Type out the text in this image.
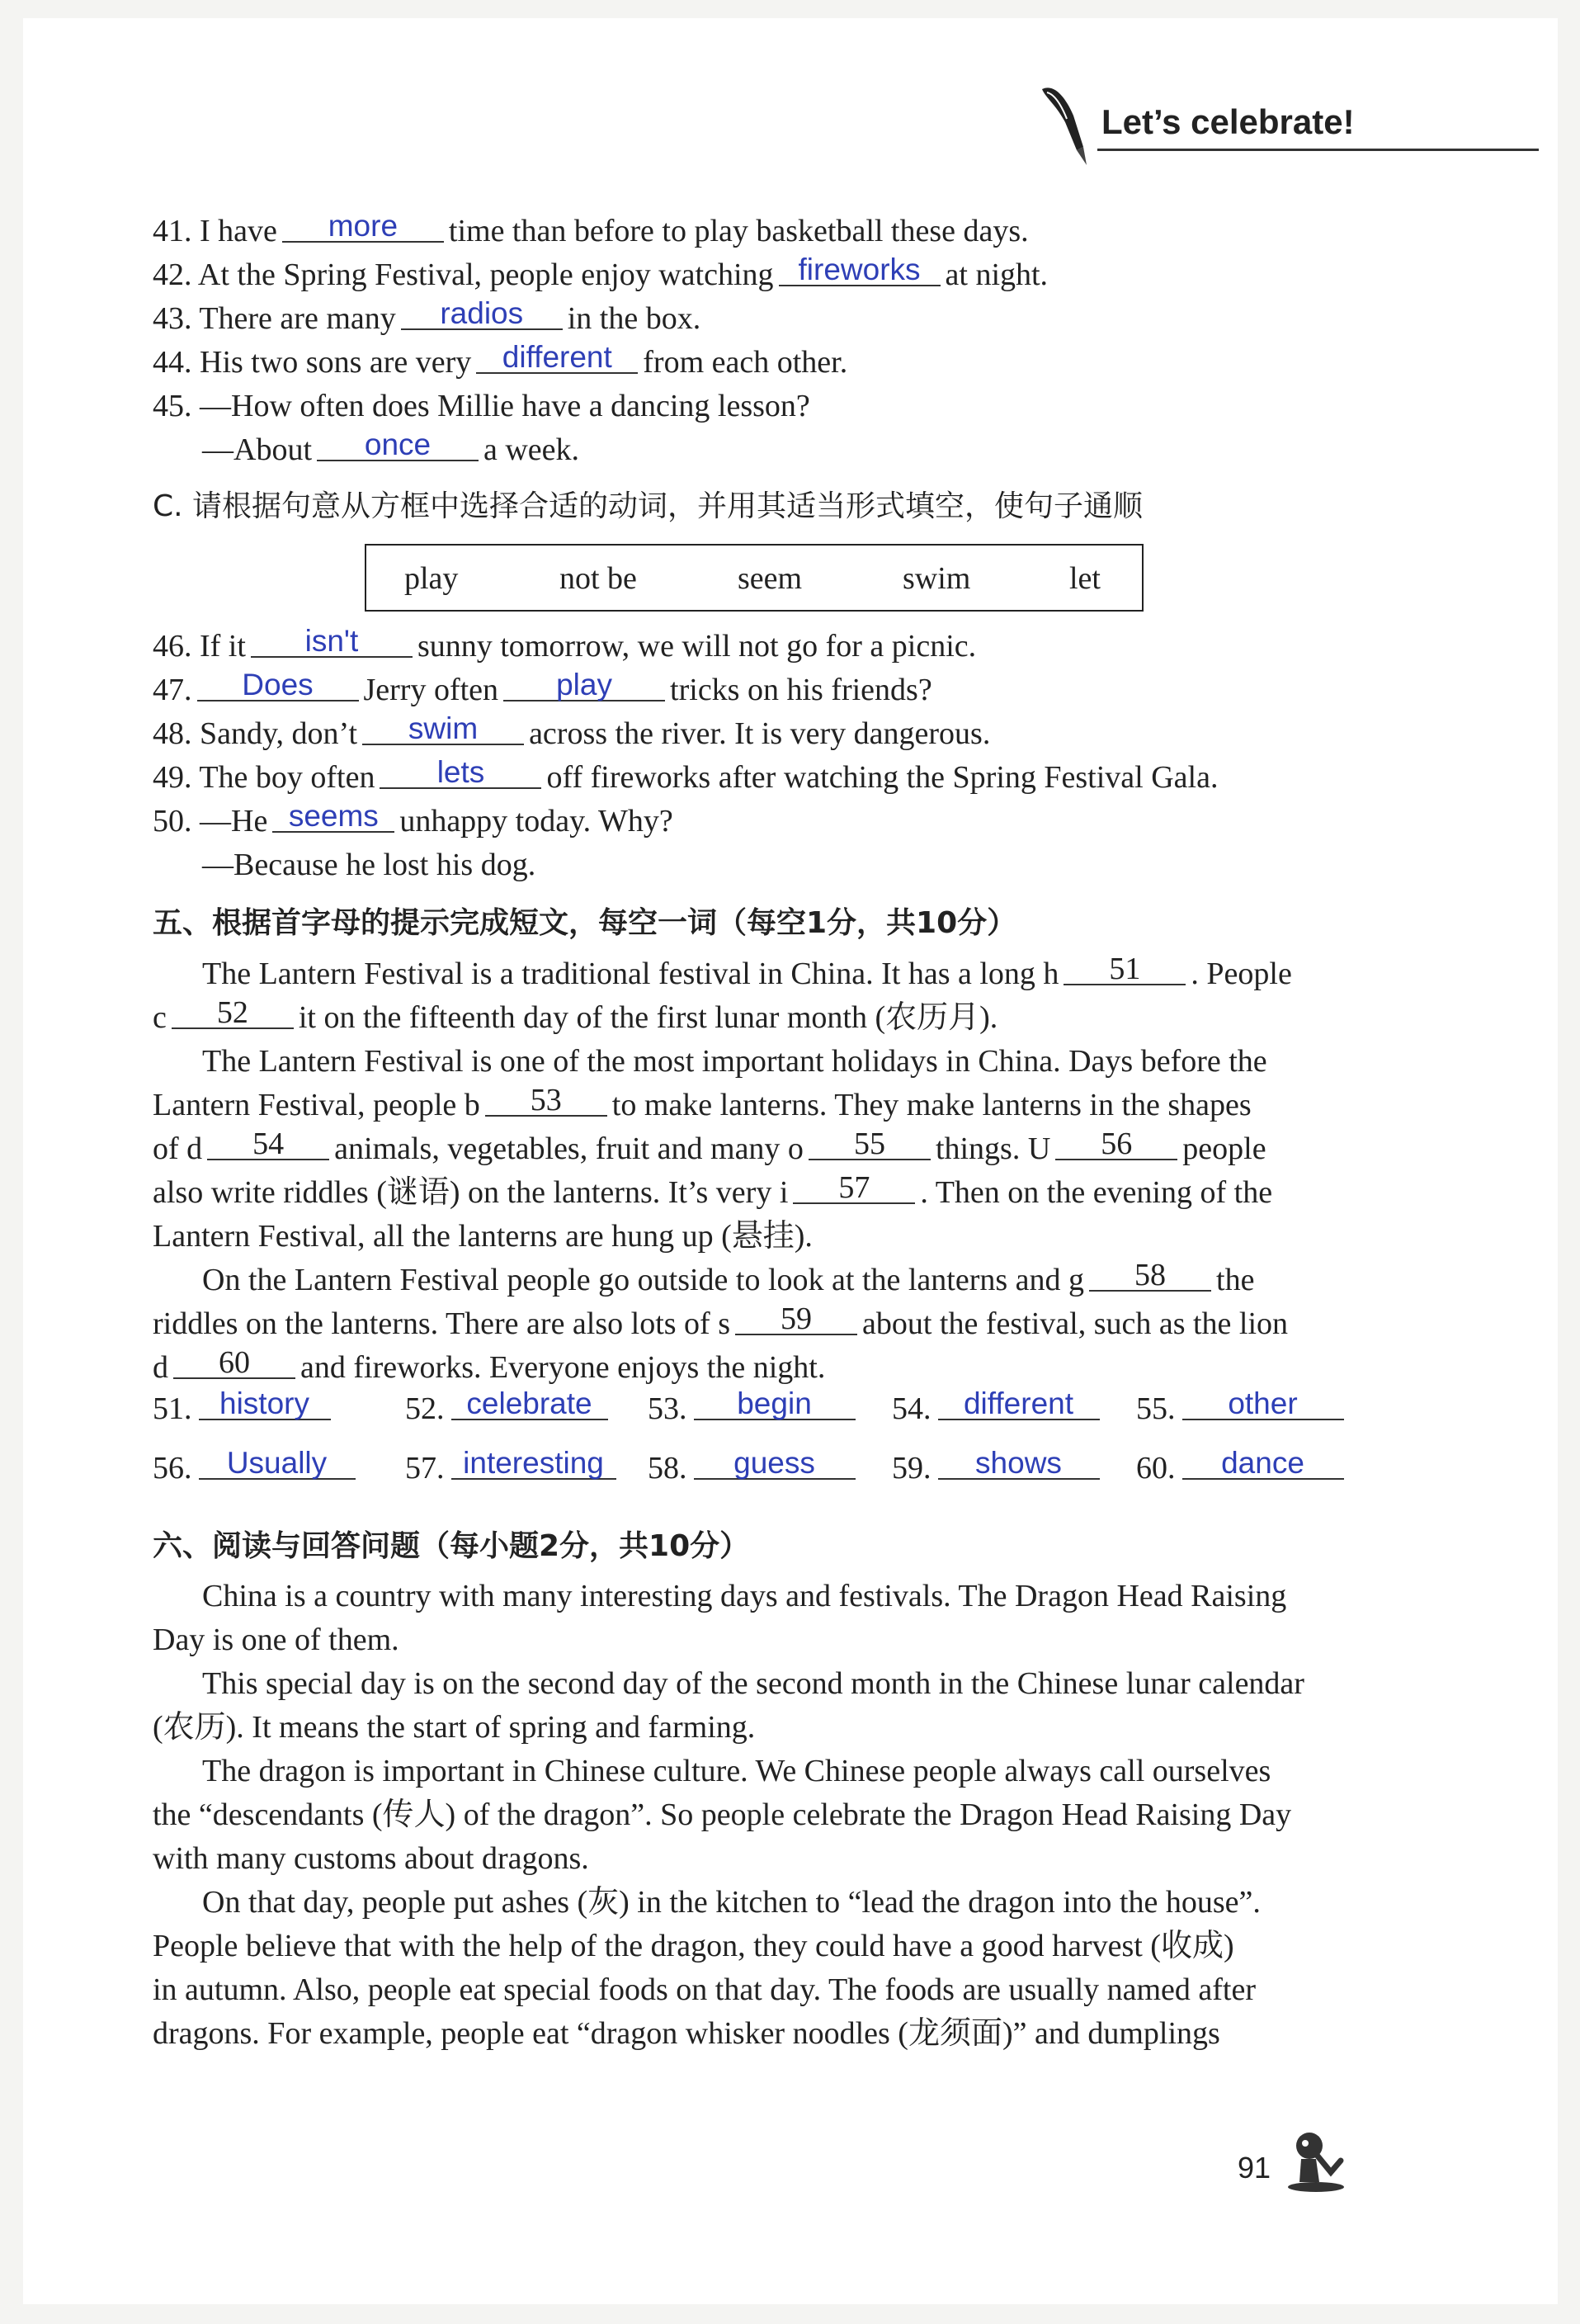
Let’s celebrate!
41. I have more time than before to play basketball these days.
42. At the Spring Festival, people enjoy watching fireworks at night.
43. There are many radios in the box.
44. His two sons are very different from each other.
45. —How often does Millie have a dancing lesson?
—About once a week.
C. 请根据句意从方框中选择合适的动词，并用其适当形式填空，使句子通顺
play	not be	seem	swim	let
46. If it isn't sunny tomorrow, we will not go for a picnic.
47. Does Jerry often play tricks on his friends?
48. Sandy, don’t swim across the river. It is very dangerous.
49. The boy often lets off fireworks after watching the Spring Festival Gala.
50. —He seems unhappy today. Why?
—Because he lost his dog.
五、根据首字母的提示完成短文，每空一词（每空1分，共10分）
The Lantern Festival is a traditional festival in China. It has a long h 51 . People
c 52 it on the fifteenth day of the first lunar month (农历月).
The Lantern Festival is one of the most important holidays in China. Days before the
Lantern Festival, people b 53 to make lanterns. They make lanterns in the shapes
of d 54 animals, vegetables, fruit and many o 55 things. U 56 people
also write riddles (谜语) on the lanterns. It’s very i 57 . Then on the evening of the
Lantern Festival, all the lanterns are hung up (悬挂).
On the Lantern Festival people go outside to look at the lanterns and g 58 the
riddles on the lanterns. There are also lots of s 59 about the festival, such as the lion
d 60 and fireworks. Everyone enjoys the night.
51. history	52. celebrate	53. begin	54. different	55. other
56. Usually	57. interesting	58. guess	59. shows	60. dance
六、阅读与回答问题（每小题2分，共10分）
China is a country with many interesting days and festivals. The Dragon Head Raising
Day is one of them.
This special day is on the second day of the second month in the Chinese lunar calendar
(农历). It means the start of spring and farming.
The dragon is important in Chinese culture. We Chinese people always call ourselves
the “descendants (传人) of the dragon”. So people celebrate the Dragon Head Raising Day
with many customs about dragons.
On that day, people put ashes (灰) in the kitchen to “lead the dragon into the house”.
People believe that with the help of the dragon, they could have a good harvest (收成)
in autumn. Also, people eat special foods on that day. The foods are usually named after
dragons. For example, people eat “dragon whisker noodles (龙须面)” and dumplings
91
